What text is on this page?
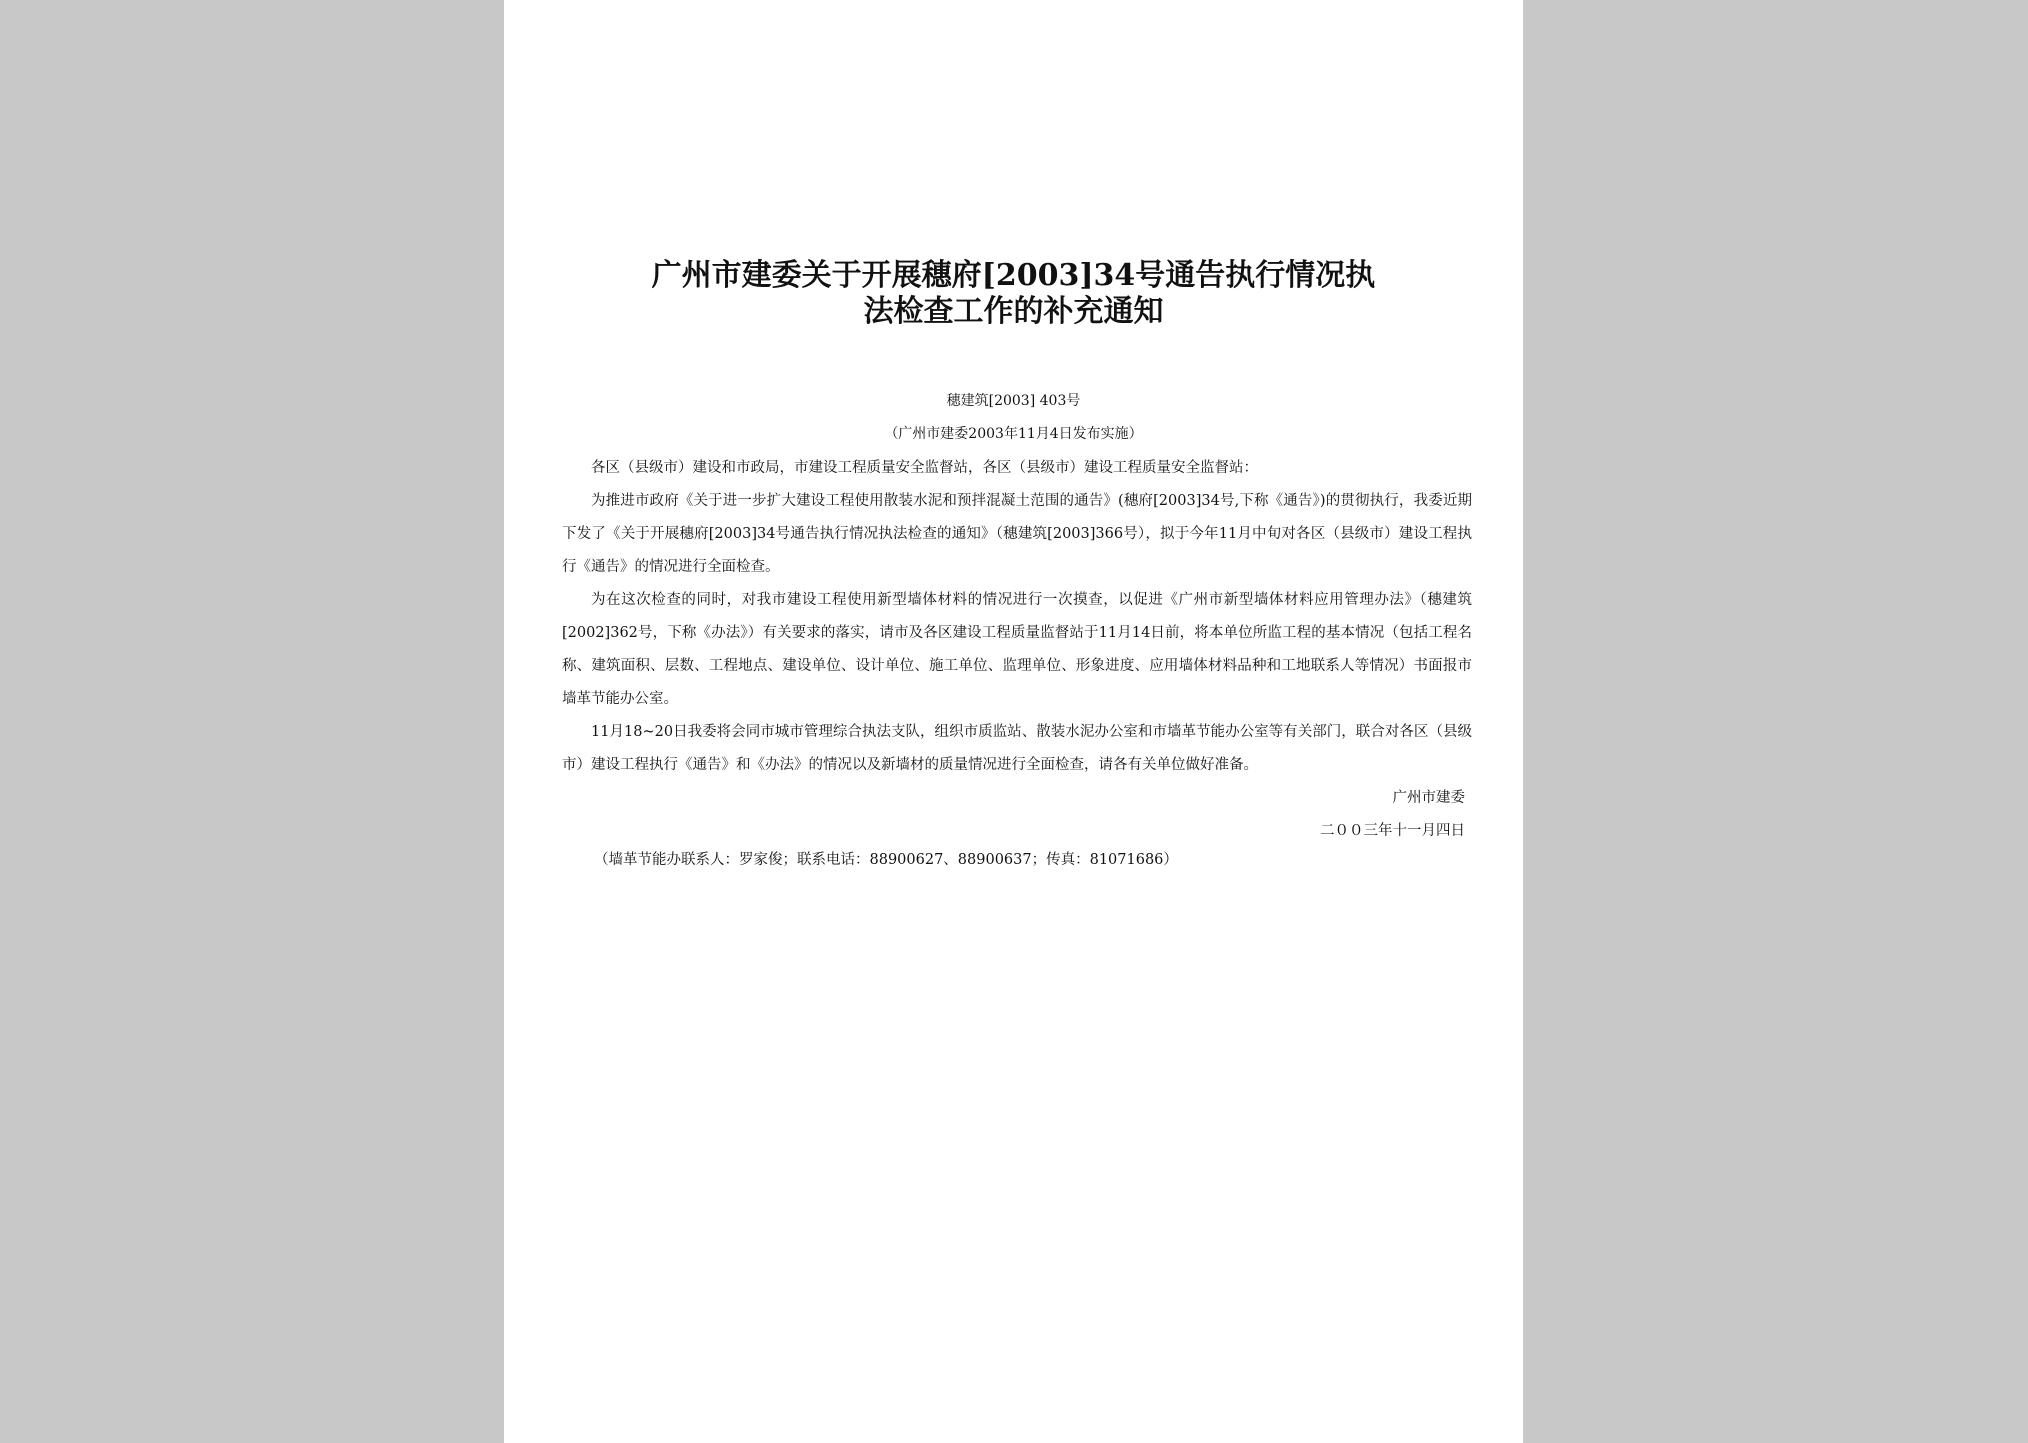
广州市建委关于开展穗府[2003]34号通告执行情况执
法检查工作的补充通知
穗建筑[2003] 403号
（广州市建委2003年11月4日发布实施）

各区（县级市）建设和市政局，市建设工程质量安全监督站，各区（县级市）建设工程质量安全监督站：

为推进市政府《关于进一步扩大建设工程使用散装水泥和预拌混凝土范围的通告》(穗府[2003]34号,下称《通告》)的贯彻执行，我委近期下发了《关于开展穗府[2003]34号通告执行情况执法检查的通知》（穗建筑[2003]366号），拟于今年11月中旬对各区（县级市）建设工程执行《通告》的情况进行全面检查。

为在这次检查的同时，对我市建设工程使用新型墙体材料的情况进行一次摸查，以促进《广州市新型墙体材料应用管理办法》（穗建筑[2002]362号，下称《办法》）有关要求的落实，请市及各区建设工程质量监督站于11月14日前，将本单位所监工程的基本情况（包括工程名称、建筑面积、层数、工程地点、建设单位、设计单位、施工单位、监理单位、形象进度、应用墙体材料品种和工地联系人等情况）书面报市墙革节能办公室。

11月18~20日我委将会同市城市管理综合执法支队，组织市质监站、散装水泥办公室和市墙革节能办公室等有关部门，联合对各区（县级市）建设工程执行《通告》和《办法》的情况以及新墙材的质量情况进行全面检查，请各有关单位做好准备。

广州市建委
二００三年十一月四日
（墙革节能办联系人：罗家俊；联系电话：88900627、88900637；传真：81071686）
